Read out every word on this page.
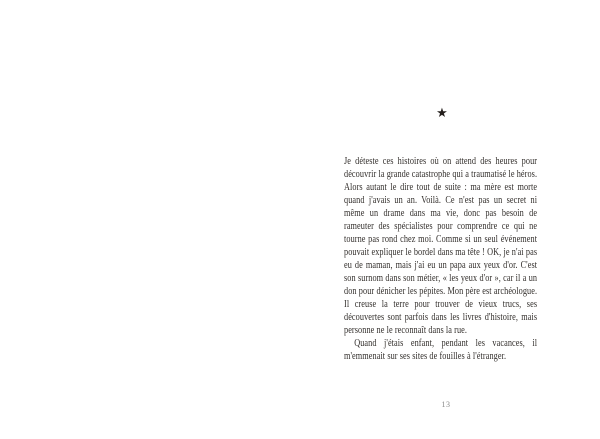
★

Je déteste ces histoires où on attend des heures pour découvrir la grande catastrophe qui a traumatisé le héros. Alors autant le dire tout de suite : ma mère est morte quand j'avais un an. Voilà. Ce n'est pas un secret ni même un drame dans ma vie, donc pas besoin de rameuter des spécialistes pour comprendre ce qui ne tourne pas rond chez moi. Comme si un seul événement pouvait expliquer le bordel dans ma tête ! OK, je n'ai pas eu de maman, mais j'ai eu un papa aux yeux d'or. C'est son surnom dans son métier, « les yeux d'or », car il a un don pour dénicher les pépites. Mon père est archéologue. Il creuse la terre pour trouver de vieux trucs, ses découvertes sont parfois dans les livres d'histoire, mais personne ne le reconnaît dans la rue.

Quand j'étais enfant, pendant les vacances, il m'emmenait sur ses sites de fouilles à l'étranger.

13
